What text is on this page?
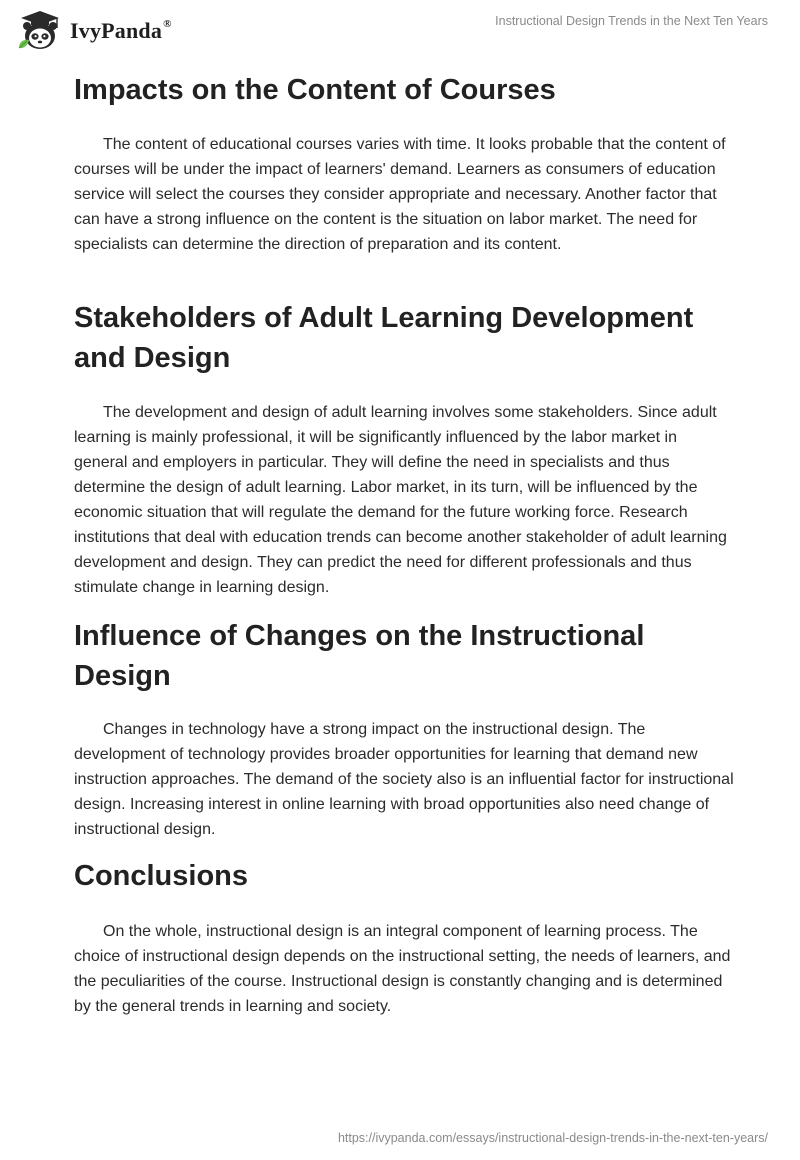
IvyPanda®	Instructional Design Trends in the Next Ten Years
Impacts on the Content of Courses

The content of educational courses varies with time. It looks probable that the content of courses will be under the impact of learners' demand. Learners as consumers of education service will select the courses they consider appropriate and necessary. Another factor that can have a strong influence on the content is the situation on labor market. The need for specialists can determine the direction of preparation and its content.

Stakeholders of Adult Learning Development and Design

The development and design of adult learning involves some stakeholders. Since adult learning is mainly professional, it will be significantly influenced by the labor market in general and employers in particular. They will define the need in specialists and thus determine the design of adult learning. Labor market, in its turn, will be influenced by the economic situation that will regulate the demand for the future working force. Research institutions that deal with education trends can become another stakeholder of adult learning development and design. They can predict the need for different professionals and thus stimulate change in learning design.

Influence of Changes on the Instructional Design

Changes in technology have a strong impact on the instructional design. The development of technology provides broader opportunities for learning that demand new instruction approaches. The demand of the society also is an influential factor for instructional design. Increasing interest in online learning with broad opportunities also need change of instructional design.

Conclusions

On the whole, instructional design is an integral component of learning process. The choice of instructional design depends on the instructional setting, the needs of learners, and the peculiarities of the course. Instructional design is constantly changing and is determined by the general trends in learning and society.

https://ivypanda.com/essays/instructional-design-trends-in-the-next-ten-years/
